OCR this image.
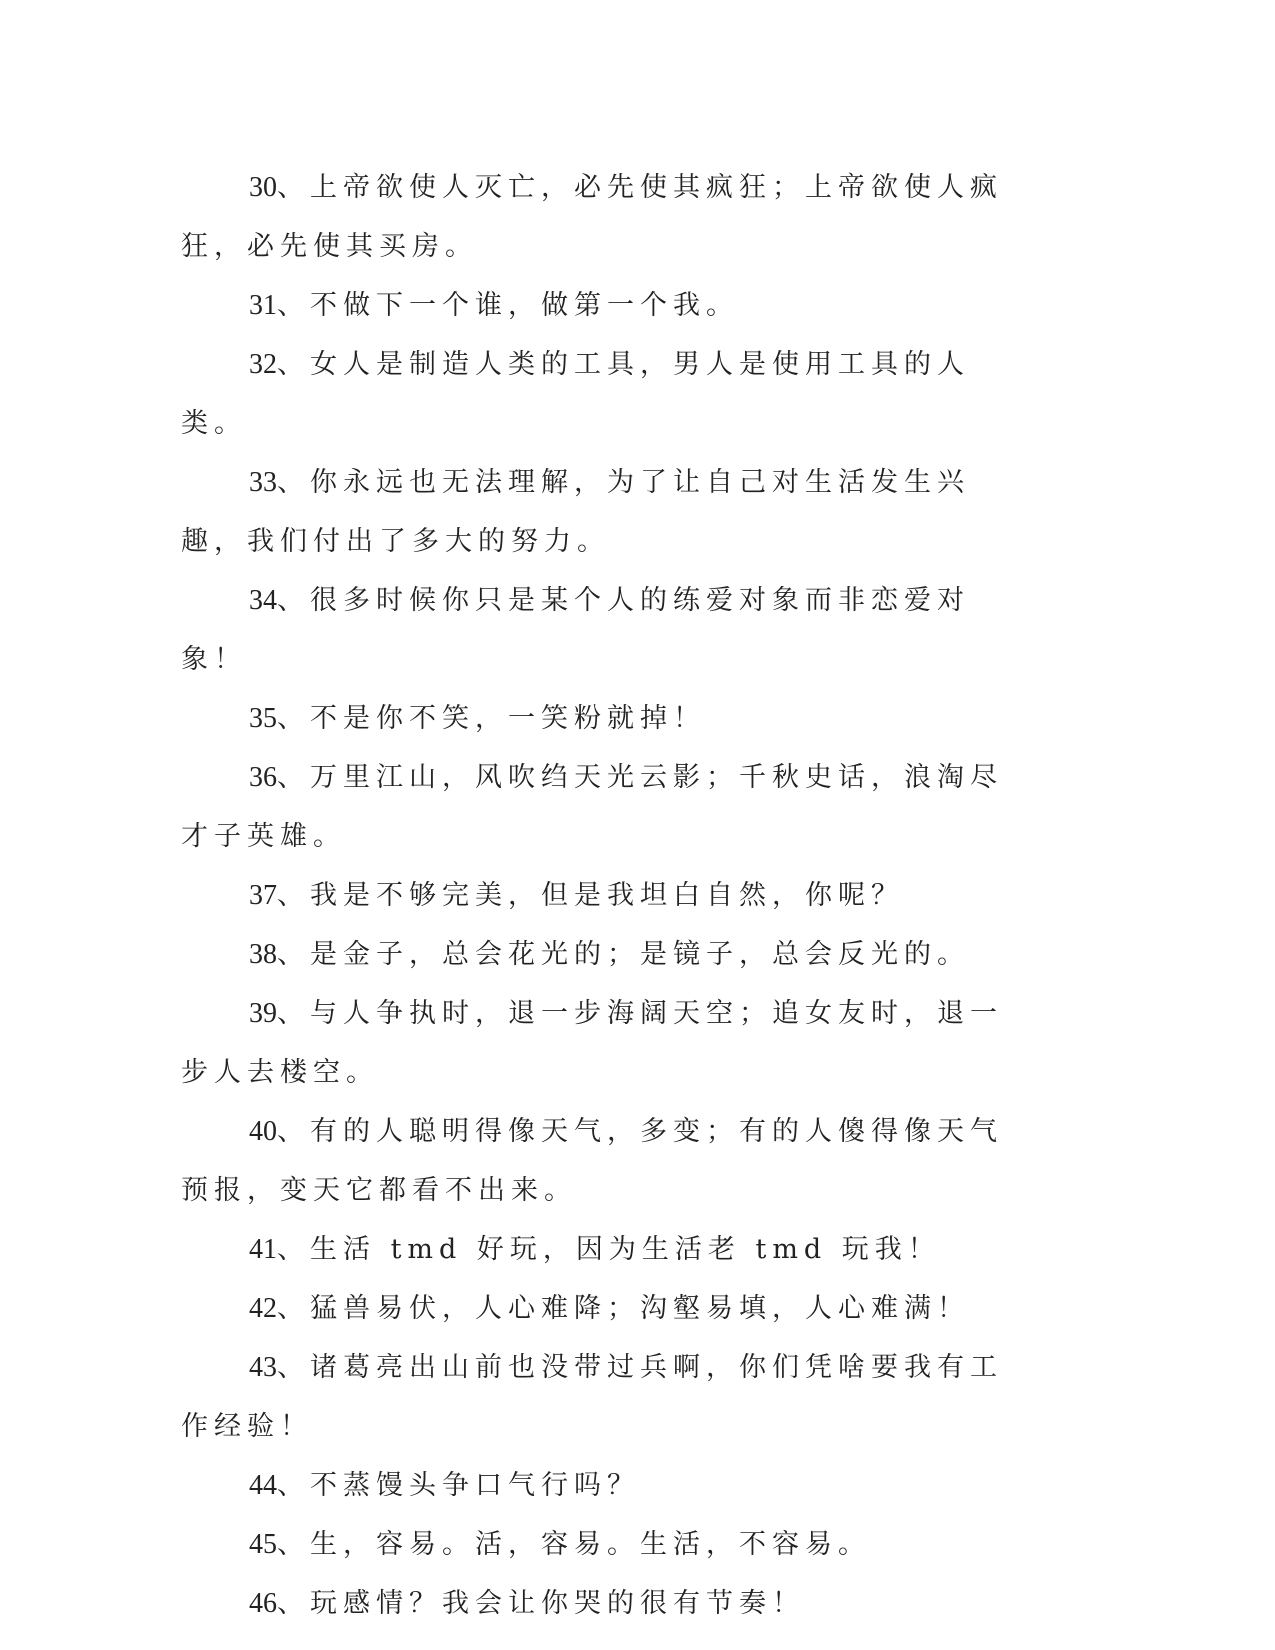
30、上帝欲使人灭亡，必先使其疯狂；上帝欲使人疯狂，必先使其买房。

31、不做下一个谁，做第一个我。

32、女人是制造人类的工具，男人是使用工具的人类。

33、你永远也无法理解，为了让自己对生活发生兴趣，我们付出了多大的努力。

34、很多时候你只是某个人的练爱对象而非恋爱对象！

35、不是你不笑，一笑粉就掉！

36、万里江山，风吹绉天光云影；千秋史话，浪淘尽才子英雄。

37、我是不够完美，但是我坦白自然，你呢？

38、是金子，总会花光的；是镜子，总会反光的。

39、与人争执时，退一步海阔天空；追女友时，退一步人去楼空。

40、有的人聪明得像天气，多变；有的人傻得像天气预报，变天它都看不出来。

41、生活 tmd 好玩，因为生活老 tmd 玩我！

42、猛兽易伏，人心难降；沟壑易填，人心难满！

43、诸葛亮出山前也没带过兵啊，你们凭啥要我有工作经验！

44、不蒸馒头争口气行吗？

45、生，容易。活，容易。生活，不容易。

46、玩感情？我会让你哭的很有节奏！
